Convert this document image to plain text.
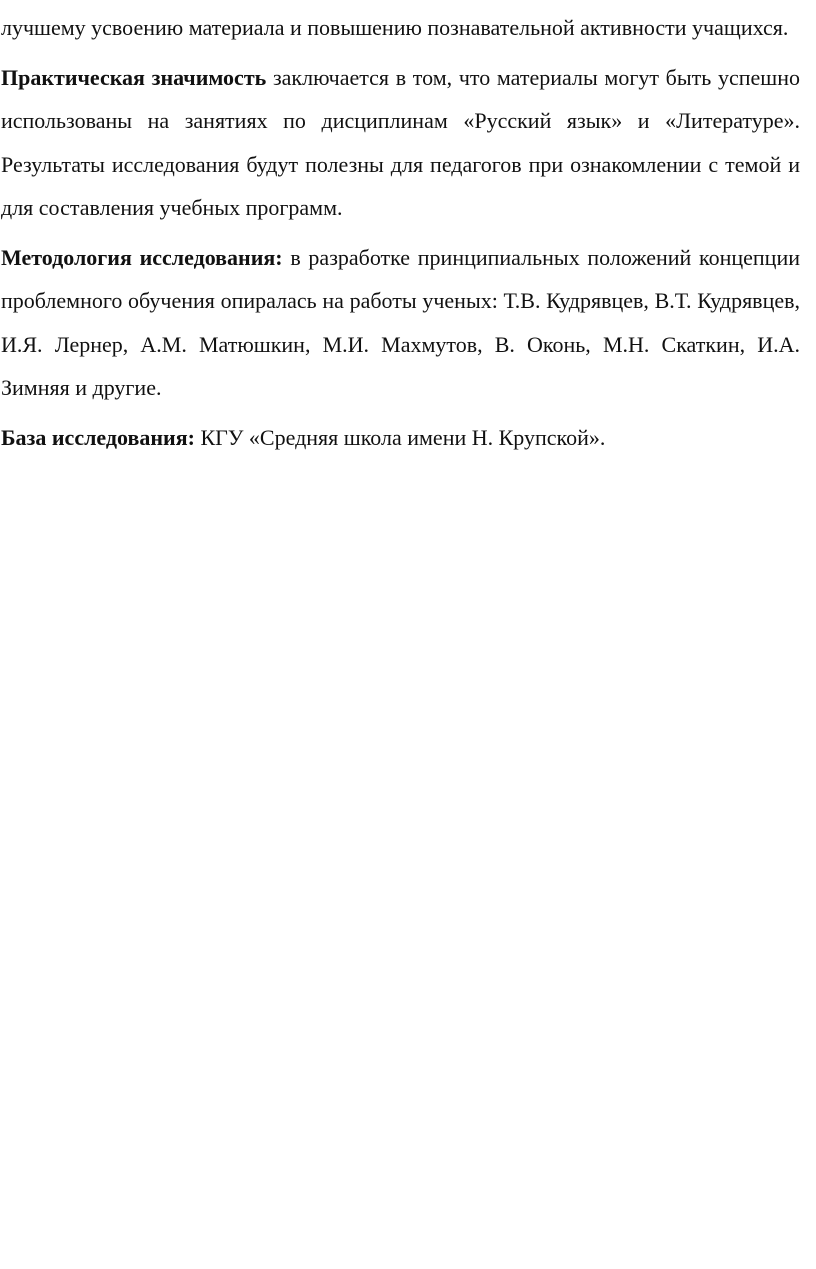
лучшему усвоению материала и повышению познавательной активности учащихся.

Практическая значимость заключается в том, что материалы могут быть успешно использованы на занятиях по дисциплинам «Русский язык» и «Литературе». Результаты исследования будут полезны для педагогов при ознакомлении с темой и для составления учебных программ.

Методология исследования: в разработке принципиальных положений концепции проблемного обучения опиралась на работы ученых: Т.В. Кудрявцев, В.Т. Кудрявцев, И.Я. Лернер, А.М. Матюшкин, М.И. Махмутов, В. Оконь, М.Н. Скаткин, И.А. Зимняя и другие.

База исследования: КГУ «Средняя школа имени Н. Крупской».
